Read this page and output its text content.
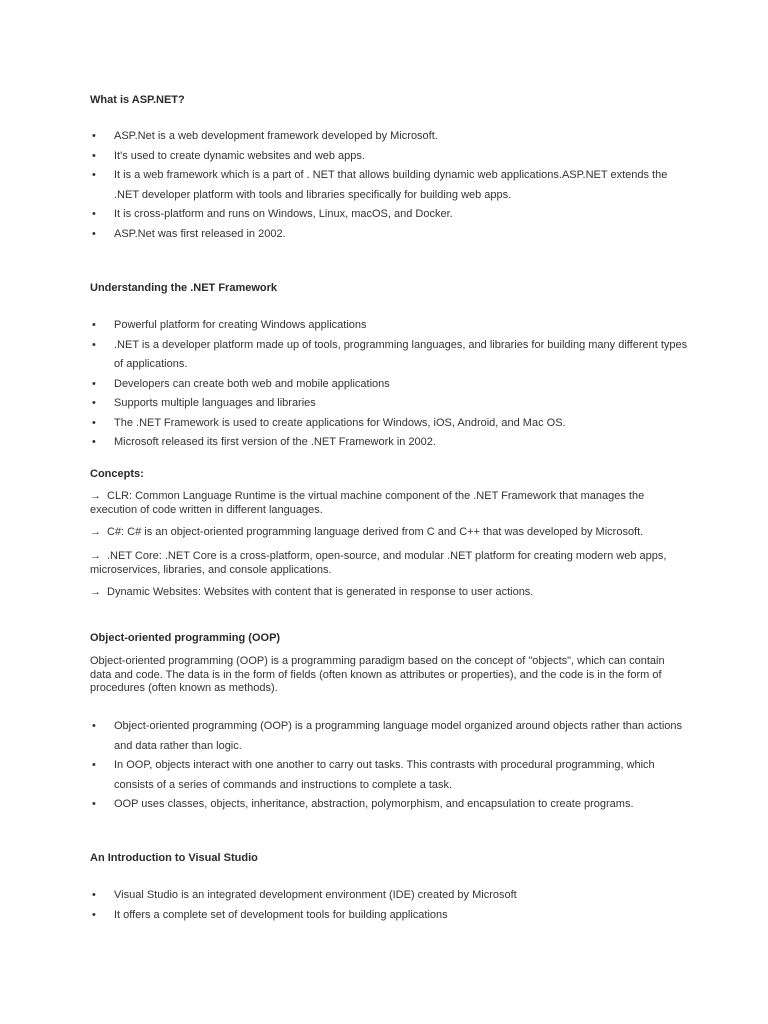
What is ASP.NET?
• ASP.Net is a web development framework developed by Microsoft.
• It's used to create dynamic websites and web apps.
• It is a web framework which is a part of . NET that allows building dynamic web applications.ASP.NET extends the .NET developer platform with tools and libraries specifically for building web apps.
• It is cross-platform and runs on Windows, Linux, macOS, and Docker.
• ASP.Net was first released in 2002.
Understanding the .NET Framework
• Powerful platform for creating Windows applications
• .NET is a developer platform made up of tools, programming languages, and libraries for building many different types of applications.
• Developers can create both web and mobile applications
• Supports multiple languages and libraries
• The .NET Framework is used to create applications for Windows, iOS, Android, and Mac OS.
• Microsoft released its first version of the .NET Framework in 2002.
Concepts:
→ CLR: Common Language Runtime is the virtual machine component of the .NET Framework that manages the execution of code written in different languages.
→ C#: C# is an object-oriented programming language derived from C and C++ that was developed by Microsoft.
→ .NET Core: .NET Core is a cross-platform, open-source, and modular .NET platform for creating modern web apps, microservices, libraries, and console applications.
→ Dynamic Websites: Websites with content that is generated in response to user actions.
Object-oriented programming (OOP)
Object-oriented programming (OOP) is a programming paradigm based on the concept of "objects", which can contain data and code. The data is in the form of fields (often known as attributes or properties), and the code is in the form of procedures (often known as methods).
• Object-oriented programming (OOP) is a programming language model organized around objects rather than actions and data rather than logic.
• In OOP, objects interact with one another to carry out tasks. This contrasts with procedural programming, which consists of a series of commands and instructions to complete a task.
• OOP uses classes, objects, inheritance, abstraction, polymorphism, and encapsulation to create programs.
An Introduction to Visual Studio
• Visual Studio is an integrated development environment (IDE) created by Microsoft
• It offers a complete set of development tools for building applications
